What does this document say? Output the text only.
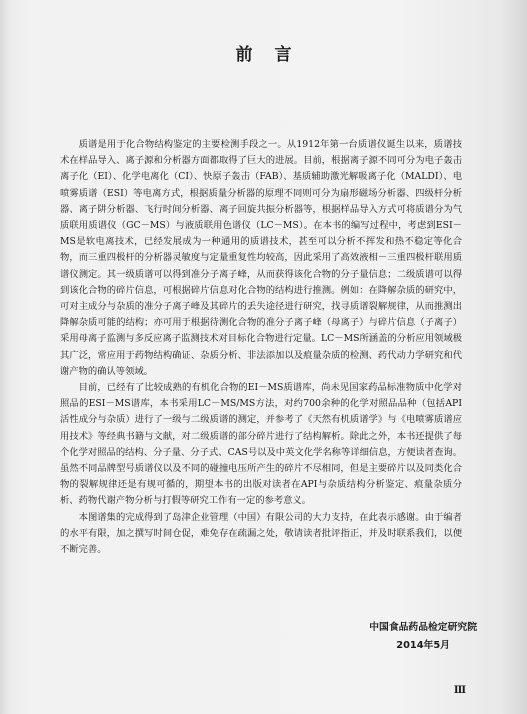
前言

质谱是用于化合物结构鉴定的主要检测手段之一。从1912年第一台质谱仪诞生以来，质谱技术在样品导入、离子源和分析器方面都取得了巨大的进展。目前，根据离子源不同可分为电子轰击离子化（EI）、化学电离化（CI）、快原子轰击（FAB）、基质辅助激光解吸离子化（MALDI）、电喷雾质谱（ESI）等电离方式，根据质量分析器的原理不同则可分为扇形磁场分析器、四级杆分析器、离子阱分析器、飞行时间分析器、离子回旋共振分析器等，根据样品导入方式可将质谱分为气质联用质谱仪（GC－MS）与液质联用色谱仪（LC－MS）。在本书的编写过程中，考虑到ESI－MS是软电离技术，已经发展成为一种通用的质谱技术，甚至可以分析不挥发和热不稳定等化合物，而三重四极杆的分析器灵敏度与定量重复性均较高，因此采用了高效液相－三重四极杆联用质谱仪测定。其一级质谱可以得到准分子离子峰，从而获得该化合物的分子量信息；二级质谱可以得到该化合物的碎片信息，可根据碎片信息对化合物的结构进行推测。例如：在降解杂质的研究中，可对主成分与杂质的准分子离子峰及其碎片的丢失途径进行研究，找寻质谱裂解规律，从而推测出降解杂质可能的结构；亦可用于根据待测化合物的准分子离子峰（母离子）与碎片信息（子离子）采用母离子监测与多反应离子监测技术对目标化合物进行定量。LC－MS所涵盖的分析应用领域极其广泛，常应用于药物结构确证、杂质分析、非法添加以及痕量杂质的检测、药代动力学研究和代谢产物的确认等领域。

目前，已经有了比较成熟的有机化合物的EI－MS质谱库，尚未见国家药品标准物质中化学对照品的ESI－MS谱库，本书采用LC－MS/MS方法，对约700余种的化学对照品品种（包括API活性成分与杂质）进行了一级与二级质谱的测定，并参考了《天然有机质谱学》与《电喷雾质谱应用技术》等经典书籍与文献，对二级质谱的部分碎片进行了结构解析。除此之外，本书还提供了每个化学对照品的结构、分子量、分子式、CAS号以及中英文化学名称等详细信息，方便读者查询。虽然不同品牌型号质谱仪以及不同的碰撞电压所产生的碎片不尽相同，但是主要碎片以及同类化合物的裂解规律还是有规可循的，期望本书的出版对读者在API与杂质结构分析鉴定、痕量杂质分析、药物代谢产物分析与打假等研究工作有一定的参考意义。

本图谱集的完成得到了岛津企业管理（中国）有限公司的大力支持，在此表示感谢。由于编者的水平有限，加之撰写时间仓促，难免存在疏漏之处，敬请读者批评指正，并及时联系我们，以便不断完善。

中国食品药品检定研究院
2014年5月
Ⅲ
